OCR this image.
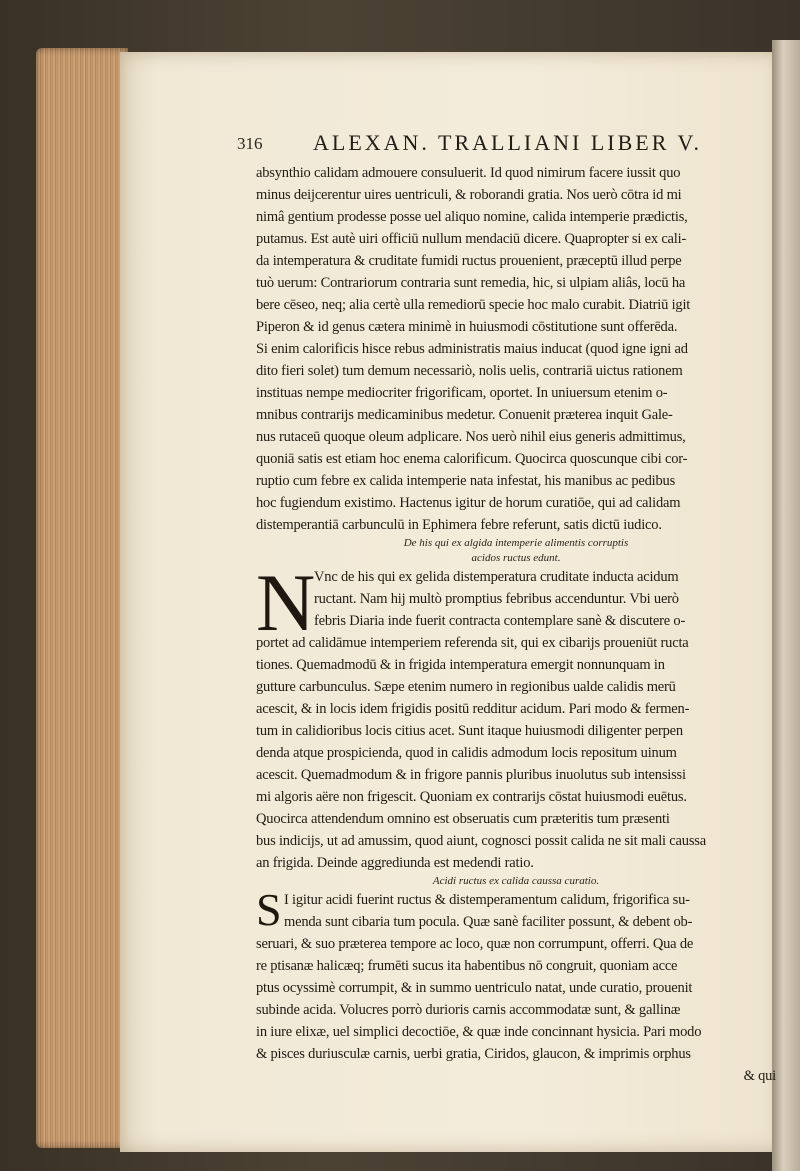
316 ALEXAN. TRALLIANI LIBER V.
absynthio calidam admouere consuluerit. Id quod nimirum facere iussit quo
minus deijcerentur uires uentriculi, & roborandi gratia. Nos uerò cōtra id mi
nimâ gentium prodesse posse uel aliquo nomine, calida intemperie prædictis,
putamus. Est autè uiri officiū nullum mendaciū dicere. Quapropter si ex cali-
da intemperatura & cruditate fumidi ructus prouenient, præceptū illud perpe
tuò uerum: Contrariorum contraria sunt remedia, hic, si ulpiam aliâs, locū ha
bere cēseo, neq; alia certè ulla remediorū specie hoc malo curabit. Diatriū igit
Piperon & id genus cætera minimè in huiusmodi cōstitutione sunt offerēda.
Si enim calorificis hisce rebus administratis maius inducat (quod igne igni ad
dito fieri solet) tum demum necessariò, nolis uelis, contrariā uictus rationem
instituas nempe mediocriter frigorificam, oportet. In uniuersum etenim o-
mnibus contrarijs medicaminibus medetur. Conuenit præterea inquit Gale-
nus rutaceū quoque oleum adplicare. Nos uerò nihil eius generis admittimus,
quoniā satis est etiam hoc enema calorificum. Quocirca quoscunque cibi cor-
ruptio cum febre ex calida intemperie nata infestat, his manibus ac pedibus
hoc fugiendum existimo. Hactenus igitur de horum curatiōe, qui ad calidam
distemperantiā carbunculū in Ephimera febre referunt, satis dictū iudico.
De his qui ex algida intemperie alimentis corruptis
acidos ructus edunt.
N
Vnc de his qui ex gelida distemperatura cruditate inducta acidum
ructant. Nam hij multò promptius febribus accenduntur. Vbi uerò
febris Diaria inde fuerit contracta contemplare sanè & discutere o-
portet ad calidāmue intemperiem referenda sit, qui ex cibarijs proueniūt ructa
tiones. Quemadmodū & in frigida intemperatura emergit nonnunquam in
gutture carbunculus. Sæpe etenim numero in regionibus ualde calidis merū
acescit, & in locis idem frigidis positū redditur acidum. Pari modo & fermen-
tum in calidioribus locis citius acet. Sunt itaque huiusmodi diligenter perpen
denda atque prospicienda, quod in calidis admodum locis repositum uinum
acescit. Quemadmodum & in frigore pannis pluribus inuolutus sub intensissi
mi algoris aëre non frigescit. Quoniam ex contrarijs cōstat huiusmodi euētus.
Quocirca attendendum omnino est obseruatis cum præteritis tum præsenti
bus indicijs, ut ad amussim, quod aiunt, cognosci possit calida ne sit mali caussa
an frigida. Deinde aggrediunda est medendi ratio.
Acidi ructus ex calida caussa curatio.
S I igitur acidi fuerint ructus & distemperamentum calidum, frigorifica su-
menda sunt cibaria tum pocula. Quæ sanè faciliter possunt, & debent ob-
seruari, & suo præterea tempore ac loco, quæ non corrumpunt, offerri. Qua de
re ptisanæ halicæq; frumēti sucus ita habentibus nō congruit, quoniam acce
ptus ocyssimè corrumpit, & in summo uentriculo natat, unde curatio, prouenit
subinde acida. Volucres porrò durioris carnis accommodatæ sunt, & gallinæ
in iure elixæ, uel simplici decoctiōe, & quæ inde concinnant hysicia. Pari modo
& pisces duriusculæ carnis, uerbi gratia, Ciridos, glaucon, & imprimis orphus
& qui
